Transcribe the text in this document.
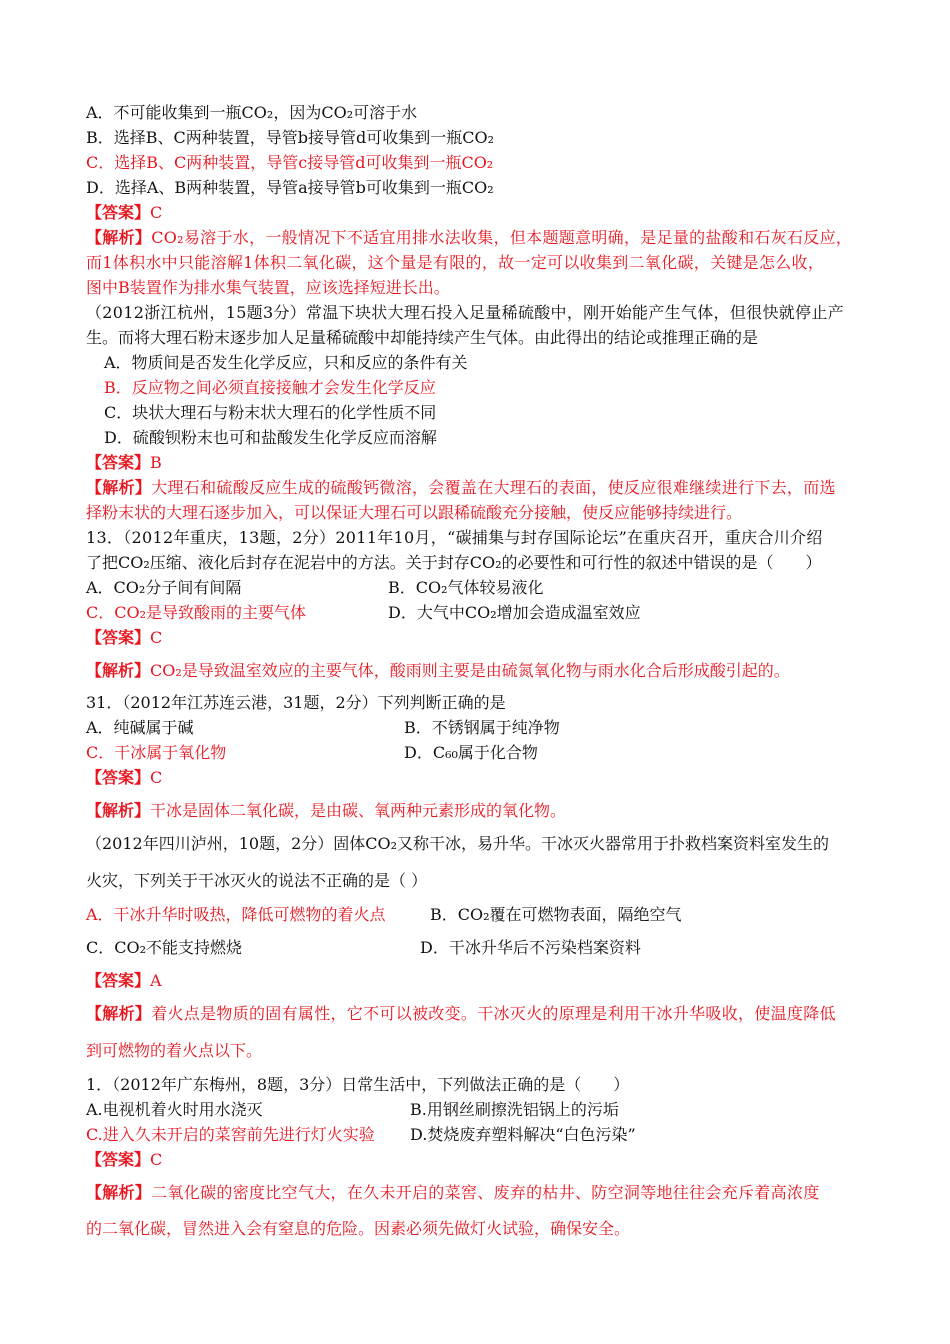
A．不可能收集到一瓶CO₂，因为CO₂可溶于水
B．选择B、C两种装置，导管b接导管d可收集到一瓶CO₂
C．选择B、C两种装置，导管c接导管d可收集到一瓶CO₂
D．选择A、B两种装置，导管a接导管b可收集到一瓶CO₂
【答案】C
【解析】CO₂易溶于水，一般情况下不适宜用排水法收集，但本题题意明确，是足量的盐酸和石灰石反应，
而1体积水中只能溶解1体积二氧化碳，这个量是有限的，故一定可以收集到二氧化碳，关键是怎么收，
图中B装置作为排水集气装置，应该选择短进长出。
（2012浙江杭州，15题3分）常温下块状大理石投入足量稀硫酸中，刚开始能产生气体，但很快就停止产
生。而将大理石粉末逐步加人足量稀硫酸中却能持续产生气体。由此得出的结论或推理正确的是
A．物质间是否发生化学反应，只和反应的条件有关
B．反应物之间必须直接接触才会发生化学反应
C．块状大理石与粉末状大理石的化学性质不同
D．硫酸钡粉末也可和盐酸发生化学反应而溶解
【答案】B
【解析】大理石和硫酸反应生成的硫酸钙微溶，会覆盖在大理石的表面，使反应很难继续进行下去，而选
择粉末状的大理石逐步加入，可以保证大理石可以跟稀硫酸充分接触，使反应能够持续进行。
13．（2012年重庆，13题，2分）2011年10月，“碳捕集与封存国际论坛”在重庆召开，重庆合川介绍
了把CO₂压缩、液化后封存在泥岩中的方法。关于封存CO₂的必要性和可行性的叙述中错误的是（　　）
A．CO₂分子间有间隔	B．CO₂气体较易液化
C．CO₂是导致酸雨的主要气体	D．大气中CO₂增加会造成温室效应
【答案】C
【解析】CO₂是导致温室效应的主要气体，酸雨则主要是由硫氮氧化物与雨水化合后形成酸引起的。
31．（2012年江苏连云港，31题，2分）下列判断正确的是
A．纯碱属于碱	B．不锈钢属于纯净物
C．干冰属于氧化物	D．C₆₀属于化合物
【答案】C
【解析】干冰是固体二氧化碳，是由碳、氧两种元素形成的氧化物。
（2012年四川泸州，10题，2分）固体CO₂又称干冰，易升华。干冰灭火器常用于扑救档案资料室发生的
火灾，下列关于干冰灭火的说法不正确的是（ ）
A．干冰升华时吸热，降低可燃物的着火点	B．CO₂覆在可燃物表面，隔绝空气
C．CO₂不能支持燃烧	D．干冰升华后不污染档案资料
【答案】A
【解析】着火点是物质的固有属性，它不可以被改变。干冰灭火的原理是利用干冰升华吸收，使温度降低
到可燃物的着火点以下。
1．（2012年广东梅州，8题，3分）日常生活中，下列做法正确的是（　　）
A.电视机着火时用水浇灭	B.用钢丝刷擦洗铝锅上的污垢
C.进入久未开启的菜窖前先进行灯火实验 D.焚烧废弃塑料解决“白色污染”
【答案】C
【解析】二氧化碳的密度比空气大，在久未开启的菜窖、废弃的枯井、防空洞等地往往会充斥着高浓度
的二氧化碳，冒然进入会有窒息的危险。因素必须先做灯火试验，确保安全。
